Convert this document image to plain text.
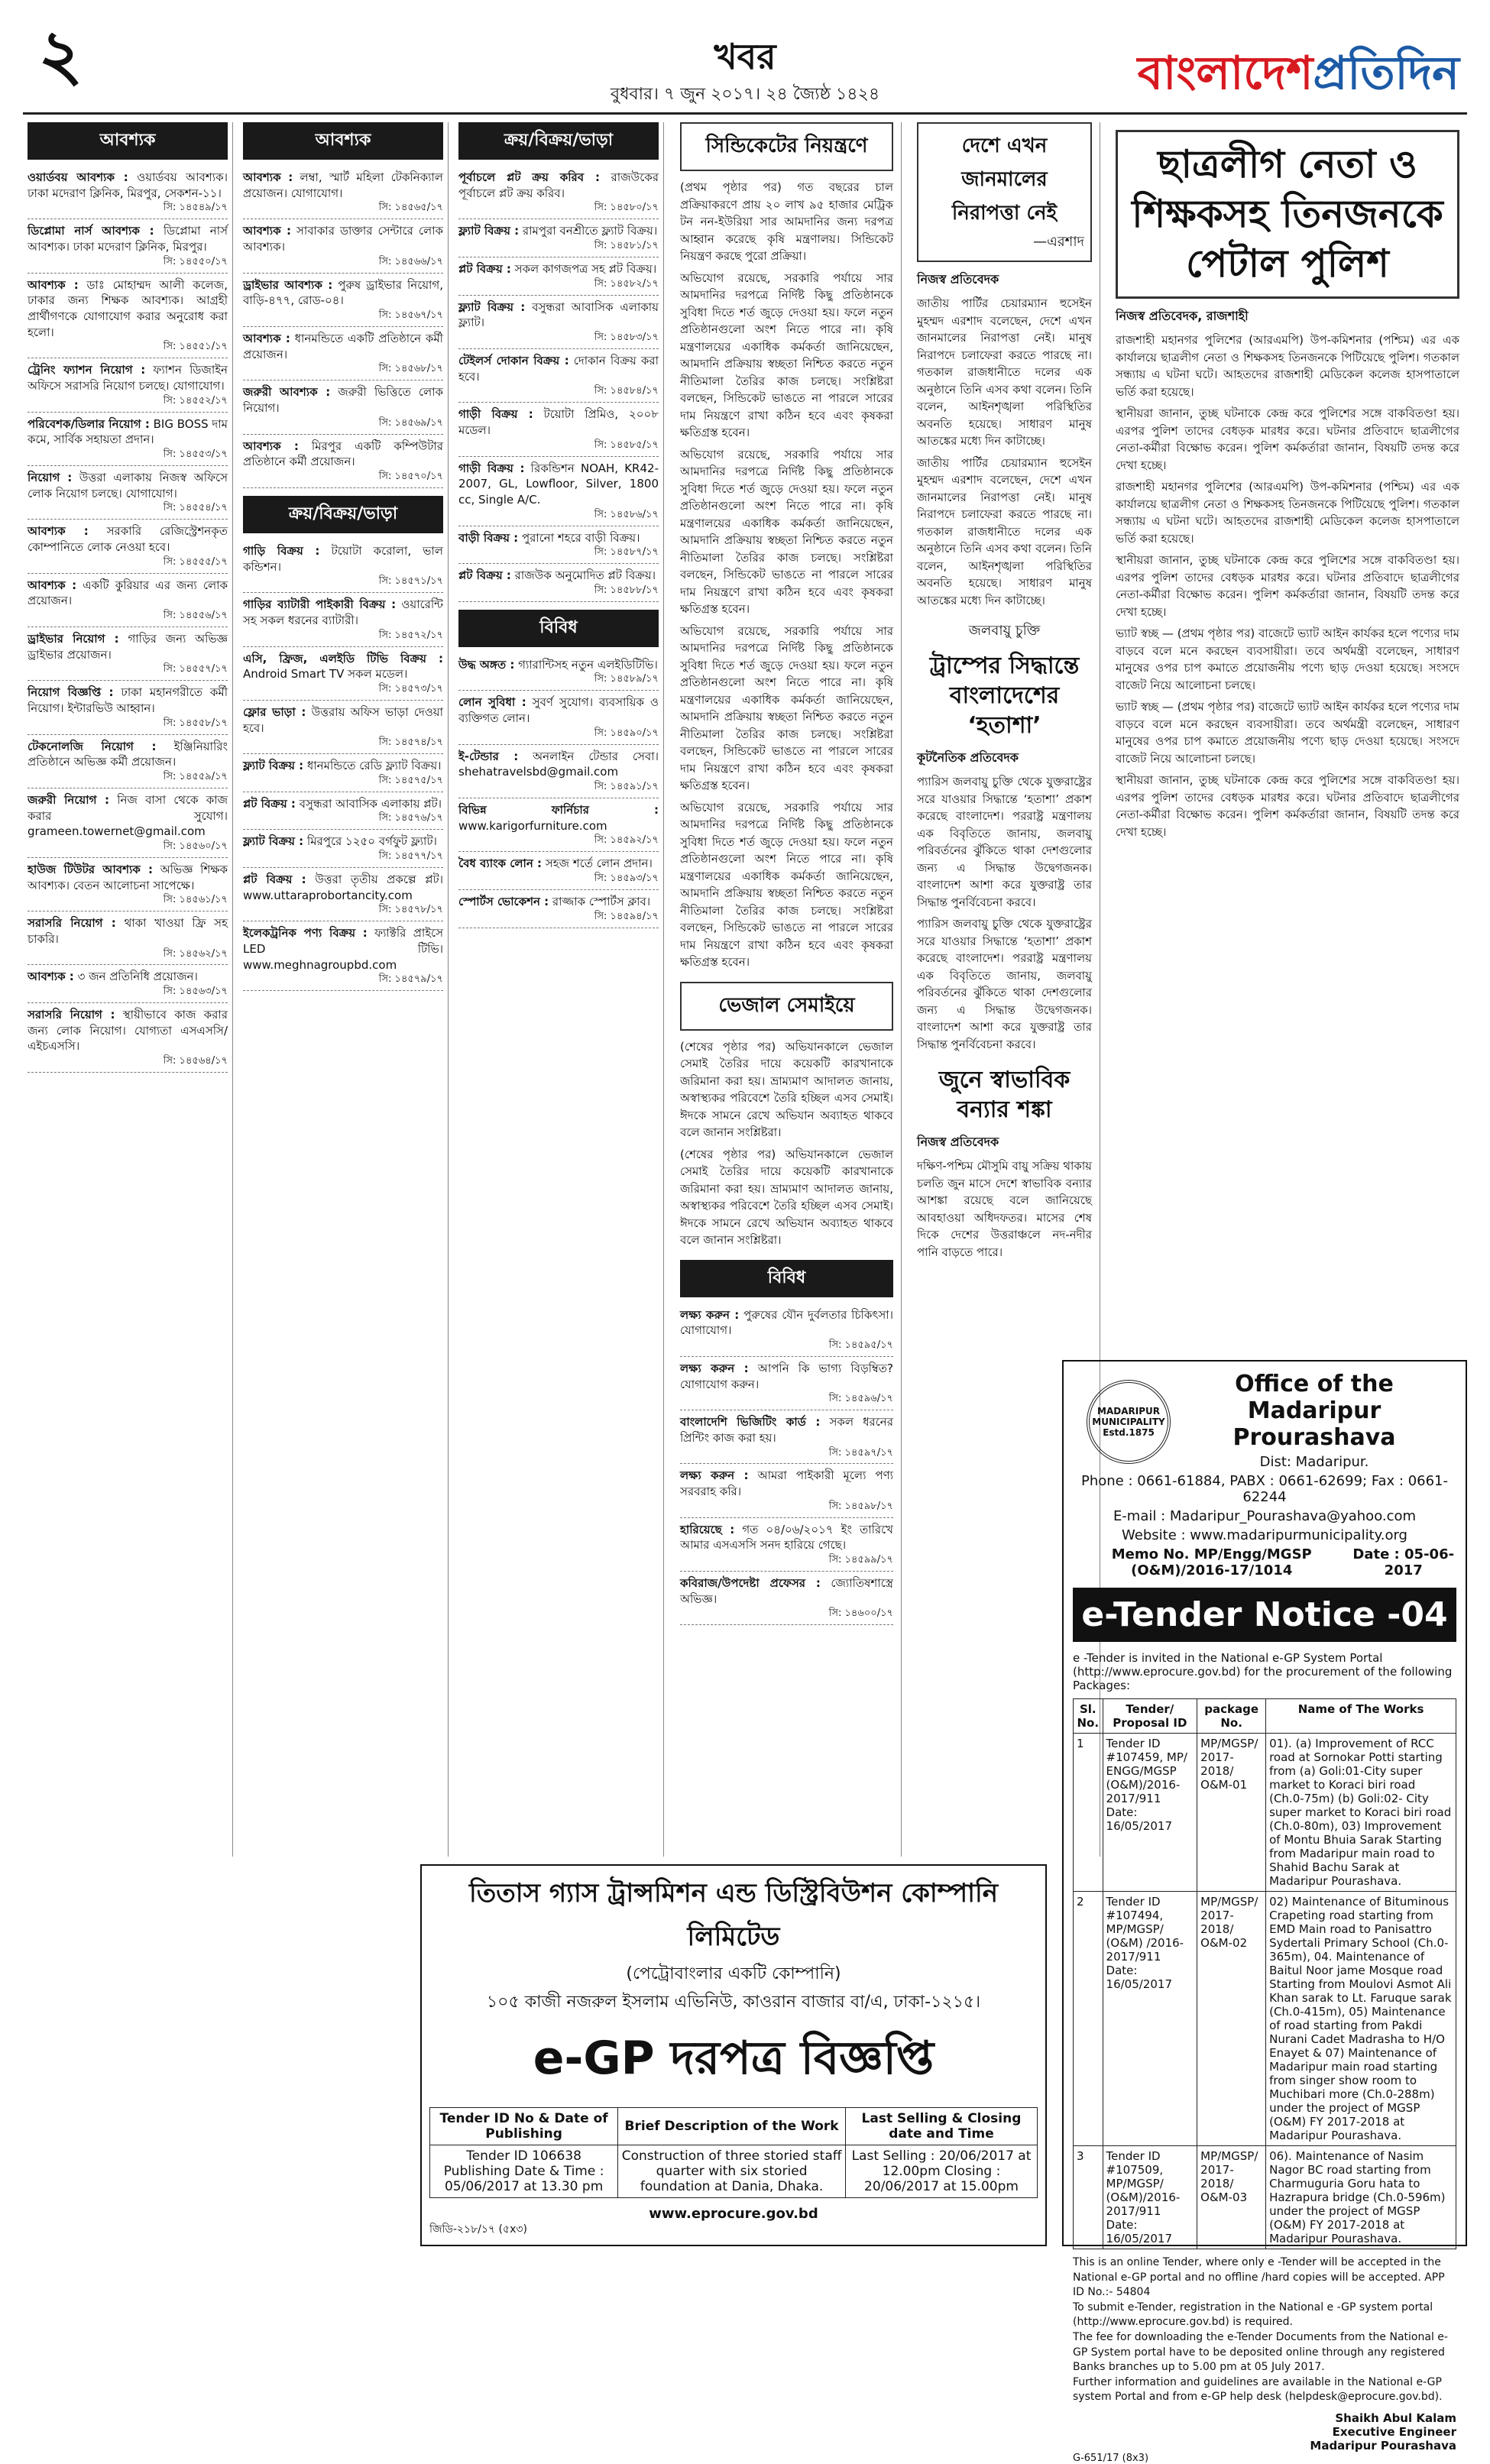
২	খবর
বুধবার। ৭ জুন ২০১৭। ২৪ জ্যৈষ্ঠ ১৪২৪	বাংলাদেশপ্রতিদিন
আবশ্যক
ওয়ার্ডবয় আবশ্যক : ওয়ার্ডবয় আবশ্যক। ঢাকা মদেরাণ ক্লিনিক, মিরপুর, সেকশন-১১।
সি: ১৪৫৪৯/১৭
ডিপ্লোমা নার্স আবশ্যক : ডিপ্লোমা নার্স আবশ্যক। ঢাকা মদেরাণ ক্লিনিক, মিরপুর।
সি: ১৪৫৫০/১৭
আবশ্যক : ডাঃ মোহাম্মদ আলী কলেজ, ঢাকার জন্য শিক্ষক আবশ্যক। আগ্রহী প্রার্থীগণকে যোগাযোগ করার অনুরোধ করা হলো।
সি: ১৪৫৫১/১৭
ট্রেনিং ফ্যাশন নিয়োগ : ফ্যাশন ডিজাইন অফিসে সরাসরি নিয়োগ চলছে। যোগাযোগ।
সি: ১৪৫৫২/১৭
পরিবেশক/ডিলার নিয়োগ : BIG BOSS দাম কমে, সার্বিক সহায়তা প্রদান।
সি: ১৪৫৫৩/১৭
নিয়োগ : উত্তরা এলাকায় নিজস্ব অফিসে লোক নিয়োগ চলছে। যোগাযোগ।
সি: ১৪৫৫৪/১৭
আবশ্যক : সরকারি রেজিস্ট্রেশনকৃত কোম্পানিতে লোক নেওয়া হবে।
সি: ১৪৫৫৫/১৭
আবশ্যক : একটি কুরিয়ার এর জন্য লোক প্রয়োজন।
সি: ১৪৫৫৬/১৭
ড্রাইভার নিয়োগ : গাড়ির জন্য অভিজ্ঞ ড্রাইভার প্রয়োজন।
সি: ১৪৫৫৭/১৭
নিয়োগ বিজ্ঞপ্তি : ঢাকা মহানগরীতে কর্মী নিয়োগ। ইন্টারভিউ আহ্বান।
সি: ১৪৫৫৮/১৭
টেকনোলজি নিয়োগ : ইঞ্জিনিয়ারিং প্রতিষ্ঠানে অভিজ্ঞ কর্মী প্রয়োজন।
সি: ১৪৫৫৯/১৭
জরুরী নিয়োগ : নিজ বাসা থেকে কাজ করার সুযোগ। grameen.towernet@gmail.com
সি: ১৪৫৬০/১৭
হাউজ টিউটর আবশ্যক : অভিজ্ঞ শিক্ষক আবশ্যক। বেতন আলোচনা সাপেক্ষে।
সি: ১৪৫৬১/১৭
সরাসরি নিয়োগ : থাকা খাওয়া ফ্রি সহ চাকরি।
সি: ১৪৫৬২/১৭
আবশ্যক : ৩ জন প্রতিনিধি প্রয়োজন।
সি: ১৪৫৬৩/১৭
সরাসরি নিয়োগ : স্থায়ীভাবে কাজ করার জন্য লোক নিয়োগ। যোগ্যতা এসএসসি/এইচএসসি।
সি: ১৪৫৬৪/১৭
আবশ্যক
আবশ্যক : লম্বা, স্মার্ট মহিলা টেকনিক্যাল প্রয়োজন। যোগাযোগ।
সি: ১৪৫৬৫/১৭
আবশ্যক : সাবাকার ডাক্তার সেন্টারে লোক আবশ্যক।
সি: ১৪৫৬৬/১৭
ড্রাইভার আবশ্যক : পুরুষ ড্রাইভার নিয়োগ, বাড়ি-৪৭৭, রোড-০৪।
সি: ১৪৫৬৭/১৭
আবশ্যক : ধানমন্ডিতে একটি প্রতিষ্ঠানে কর্মী প্রয়োজন।
সি: ১৪৫৬৮/১৭
জরুরী আবশ্যক : জরুরী ভিত্তিতে লোক নিয়োগ।
সি: ১৪৫৬৯/১৭
আবশ্যক : মিরপুর একটি কম্পিউটার প্রতিষ্ঠানে কর্মী প্রয়োজন।
সি: ১৪৫৭০/১৭
ক্রয়/বিক্রয়/ভাড়া
গাড়ি বিক্রয় : টয়োটা করোলা, ভাল কন্ডিশন।
সি: ১৪৫৭১/১৭
গাড়ির ব্যাটারী পাইকারী বিক্রয় : ওয়ারেন্টি সহ সকল ধরনের ব্যাটারী।
সি: ১৪৫৭২/১৭
এসি, ফ্রিজ, এলইডি টিভি বিক্রয় : Android Smart TV সকল মডেল।
সি: ১৪৫৭৩/১৭
ফ্লোর ভাড়া : উত্তরায় অফিস ভাড়া দেওয়া হবে।
সি: ১৪৫৭৪/১৭
ফ্ল্যাট বিক্রয় : ধানমন্ডিতে রেডি ফ্ল্যাট বিক্রয়।
সি: ১৪৫৭৫/১৭
প্লট বিক্রয় : বসুন্ধরা আবাসিক এলাকায় প্লট।
সি: ১৪৫৭৬/১৭
ফ্ল্যাট বিক্রয় : মিরপুরে ১২৫০ বর্গফুট ফ্ল্যাট।
সি: ১৪৫৭৭/১৭
প্লট বিক্রয় : উত্তরা তৃতীয় প্রকল্পে প্লট। www.uttaraprobortancity.com
সি: ১৪৫৭৮/১৭
ইলেকট্রনিক পণ্য বিক্রয় : ফ্যাক্টরি প্রাইসে LED টিভি। www.meghnagroupbd.com
সি: ১৪৫৭৯/১৭
ক্রয়/বিক্রয়/ভাড়া
পূর্বাচলে প্লট ক্রয় করিব : রাজউকের পূর্বাচলে প্লট ক্রয় করিব।
সি: ১৪৫৮০/১৭
ফ্ল্যাট বিক্রয় : রামপুরা বনশ্রীতে ফ্ল্যাট বিক্রয়।
সি: ১৪৫৮১/১৭
প্লট বিক্রয় : সকল কাগজপত্র সহ প্লট বিক্রয়।
সি: ১৪৫৮২/১৭
ফ্ল্যাট বিক্রয় : বসুন্ধরা আবাসিক এলাকায় ফ্ল্যাট।
সি: ১৪৫৮৩/১৭
টেইলর্স দোকান বিক্রয় : দোকান বিক্রয় করা হবে।
সি: ১৪৫৮৪/১৭
গাড়ী বিক্রয় : টয়োটা প্রিমিও, ২০০৮ মডেল।
সি: ১৪৫৮৫/১৭
গাড়ী বিক্রয় : রিকন্ডিশন NOAH, KR42-2007, GL, Lowfloor, Silver, 1800 cc, Single A/C.
সি: ১৪৫৮৬/১৭
বাড়ী বিক্রয় : পুরানো শহরে বাড়ী বিক্রয়।
সি: ১৪৫৮৭/১৭
প্লট বিক্রয় : রাজউক অনুমোদিত প্লট বিক্রয়।
সি: ১৪৫৮৮/১৭
বিবিধ
উদ্ধ অঙ্গত : গ্যারান্টিসহ নতুন এলইডিটিভি।
সি: ১৪৫৮৯/১৭
লোন সুবিধা : সুবর্ণ সুযোগ। ব্যবসায়িক ও ব্যক্তিগত লোন।
সি: ১৪৫৯০/১৭
ই-টেন্ডার : অনলাইন টেন্ডার সেবা। shehatravelsbd@gmail.com
সি: ১৪৫৯১/১৭
বিভিন্ন ফার্নিচার : www.karigorfurniture.com
সি: ১৪৫৯২/১৭
বৈধ ব্যাংক লোন : সহজ শর্তে লোন প্রদান।
সি: ১৪৫৯৩/১৭
স্পোর্টস ভোকেশন : রাজ্জাক স্পোর্টস ক্লাব।
সি: ১৪৫৯৪/১৭
সিন্ডিকেটের নিয়ন্ত্রণে

(প্রথম পৃষ্ঠার পর) গত বছরের চাল প্রক্রিয়াকরণে প্রায় ২০ লাখ ৯৫ হাজার মেট্রিক টন নন-ইউরিয়া সার আমদানির জন্য দরপত্র আহ্বান করেছে কৃষি মন্ত্রণালয়। সিন্ডিকেট নিয়ন্ত্রণ করছে পুরো প্রক্রিয়া।

অভিযোগ রয়েছে, সরকারি পর্যায়ে সার আমদানির দরপত্রে নির্দিষ্ট কিছু প্রতিষ্ঠানকে সুবিধা দিতে শর্ত জুড়ে দেওয়া হয়। ফলে নতুন প্রতিষ্ঠানগুলো অংশ নিতে পারে না। কৃষি মন্ত্রণালয়ের একাধিক কর্মকর্তা জানিয়েছেন, আমদানি প্রক্রিয়ায় স্বচ্ছতা নিশ্চিত করতে নতুন নীতিমালা তৈরির কাজ চলছে। সংশ্লিষ্টরা বলছেন, সিন্ডিকেট ভাঙতে না পারলে সারের দাম নিয়ন্ত্রণে রাখা কঠিন হবে এবং কৃষকরা ক্ষতিগ্রস্ত হবেন।

অভিযোগ রয়েছে, সরকারি পর্যায়ে সার আমদানির দরপত্রে নির্দিষ্ট কিছু প্রতিষ্ঠানকে সুবিধা দিতে শর্ত জুড়ে দেওয়া হয়। ফলে নতুন প্রতিষ্ঠানগুলো অংশ নিতে পারে না। কৃষি মন্ত্রণালয়ের একাধিক কর্মকর্তা জানিয়েছেন, আমদানি প্রক্রিয়ায় স্বচ্ছতা নিশ্চিত করতে নতুন নীতিমালা তৈরির কাজ চলছে। সংশ্লিষ্টরা বলছেন, সিন্ডিকেট ভাঙতে না পারলে সারের দাম নিয়ন্ত্রণে রাখা কঠিন হবে এবং কৃষকরা ক্ষতিগ্রস্ত হবেন।

অভিযোগ রয়েছে, সরকারি পর্যায়ে সার আমদানির দরপত্রে নির্দিষ্ট কিছু প্রতিষ্ঠানকে সুবিধা দিতে শর্ত জুড়ে দেওয়া হয়। ফলে নতুন প্রতিষ্ঠানগুলো অংশ নিতে পারে না। কৃষি মন্ত্রণালয়ের একাধিক কর্মকর্তা জানিয়েছেন, আমদানি প্রক্রিয়ায় স্বচ্ছতা নিশ্চিত করতে নতুন নীতিমালা তৈরির কাজ চলছে। সংশ্লিষ্টরা বলছেন, সিন্ডিকেট ভাঙতে না পারলে সারের দাম নিয়ন্ত্রণে রাখা কঠিন হবে এবং কৃষকরা ক্ষতিগ্রস্ত হবেন।

অভিযোগ রয়েছে, সরকারি পর্যায়ে সার আমদানির দরপত্রে নির্দিষ্ট কিছু প্রতিষ্ঠানকে সুবিধা দিতে শর্ত জুড়ে দেওয়া হয়। ফলে নতুন প্রতিষ্ঠানগুলো অংশ নিতে পারে না। কৃষি মন্ত্রণালয়ের একাধিক কর্মকর্তা জানিয়েছেন, আমদানি প্রক্রিয়ায় স্বচ্ছতা নিশ্চিত করতে নতুন নীতিমালা তৈরির কাজ চলছে। সংশ্লিষ্টরা বলছেন, সিন্ডিকেট ভাঙতে না পারলে সারের দাম নিয়ন্ত্রণে রাখা কঠিন হবে এবং কৃষকরা ক্ষতিগ্রস্ত হবেন।

ভেজাল সেমাইয়ে

(শেষের পৃষ্ঠার পর) অভিযানকালে ভেজাল সেমাই তৈরির দায়ে কয়েকটি কারখানাকে জরিমানা করা হয়। ভ্রাম্যমাণ আদালত জানায়, অস্বাস্থ্যকর পরিবেশে তৈরি হচ্ছিল এসব সেমাই। ঈদকে সামনে রেখে অভিযান অব্যাহত থাকবে বলে জানান সংশ্লিষ্টরা।

(শেষের পৃষ্ঠার পর) অভিযানকালে ভেজাল সেমাই তৈরির দায়ে কয়েকটি কারখানাকে জরিমানা করা হয়। ভ্রাম্যমাণ আদালত জানায়, অস্বাস্থ্যকর পরিবেশে তৈরি হচ্ছিল এসব সেমাই। ঈদকে সামনে রেখে অভিযান অব্যাহত থাকবে বলে জানান সংশ্লিষ্টরা।

বিবিধ
লক্ষ্য করুন : পুরুষের যৌন দুর্বলতার চিকিৎসা। যোগাযোগ।
সি: ১৪৫৯৫/১৭
লক্ষ্য করুন : আপনি কি ভাগ্য বিড়ম্বিত? যোগাযোগ করুন।
সি: ১৪৫৯৬/১৭
বাংলাদেশি ভিজিটিং কার্ড : সকল ধরনের প্রিন্টিং কাজ করা হয়।
সি: ১৪৫৯৭/১৭
লক্ষ্য করুন : আমরা পাইকারী মূল্যে পণ্য সরবরাহ করি।
সি: ১৪৫৯৮/১৭
হারিয়েছে : গত ০৪/০৬/২০১৭ ইং তারিখে আমার এসএসসি সনদ হারিয়ে গেছে।
সি: ১৪৫৯৯/১৭
কবিরাজ/উপদেষ্টা প্রফেসর : জ্যোতিষশাস্ত্রে অভিজ্ঞ।
সি: ১৪৬০০/১৭
দেশে এখন জানমালের নিরাপত্তা নেই
—এরশাদ
নিজস্ব প্রতিবেদক

জাতীয় পার্টির চেয়ারম্যান হুসেইন মুহম্মদ এরশাদ বলেছেন, দেশে এখন জানমালের নিরাপত্তা নেই। মানুষ নিরাপদে চলাফেরা করতে পারছে না। গতকাল রাজধানীতে দলের এক অনুষ্ঠানে তিনি এসব কথা বলেন। তিনি বলেন, আইনশৃঙ্খলা পরিস্থিতির অবনতি হয়েছে। সাধারণ মানুষ আতঙ্কের মধ্যে দিন কাটাচ্ছে।

জাতীয় পার্টির চেয়ারম্যান হুসেইন মুহম্মদ এরশাদ বলেছেন, দেশে এখন জানমালের নিরাপত্তা নেই। মানুষ নিরাপদে চলাফেরা করতে পারছে না। গতকাল রাজধানীতে দলের এক অনুষ্ঠানে তিনি এসব কথা বলেন। তিনি বলেন, আইনশৃঙ্খলা পরিস্থিতির অবনতি হয়েছে। সাধারণ মানুষ আতঙ্কের মধ্যে দিন কাটাচ্ছে।

জলবায়ু চুক্তি
ট্রাম্পের সিদ্ধান্তে বাংলাদেশের ‘হতাশা’
কূটনৈতিক প্রতিবেদক

প্যারিস জলবায়ু চুক্তি থেকে যুক্তরাষ্ট্রের সরে যাওয়ার সিদ্ধান্তে ‘হতাশা’ প্রকাশ করেছে বাংলাদেশ। পররাষ্ট্র মন্ত্রণালয় এক বিবৃতিতে জানায়, জলবায়ু পরিবর্তনের ঝুঁকিতে থাকা দেশগুলোর জন্য এ সিদ্ধান্ত উদ্বেগজনক। বাংলাদেশ আশা করে যুক্তরাষ্ট্র তার সিদ্ধান্ত পুনর্বিবেচনা করবে।

প্যারিস জলবায়ু চুক্তি থেকে যুক্তরাষ্ট্রের সরে যাওয়ার সিদ্ধান্তে ‘হতাশা’ প্রকাশ করেছে বাংলাদেশ। পররাষ্ট্র মন্ত্রণালয় এক বিবৃতিতে জানায়, জলবায়ু পরিবর্তনের ঝুঁকিতে থাকা দেশগুলোর জন্য এ সিদ্ধান্ত উদ্বেগজনক। বাংলাদেশ আশা করে যুক্তরাষ্ট্র তার সিদ্ধান্ত পুনর্বিবেচনা করবে।

জুনে স্বাভাবিক বন্যার শঙ্কা
নিজস্ব প্রতিবেদক

দক্ষিণ-পশ্চিম মৌসুমি বায়ু সক্রিয় থাকায় চলতি জুন মাসে দেশে স্বাভাবিক বন্যার আশঙ্কা রয়েছে বলে জানিয়েছে আবহাওয়া অধিদফতর। মাসের শেষ দিকে দেশের উত্তরাঞ্চলে নদ-নদীর পানি বাড়তে পারে।

ছাত্রলীগ নেতা ও শিক্ষকসহ তিনজনকে পেটাল পুলিশ
নিজস্ব প্রতিবেদক, রাজশাহী

রাজশাহী মহানগর পুলিশের (আরএমপি) উপ-কমিশনার (পশ্চিম) এর এক কার্যালয়ে ছাত্রলীগ নেতা ও শিক্ষকসহ তিনজনকে পিটিয়েছে পুলিশ। গতকাল সন্ধ্যায় এ ঘটনা ঘটে। আহতদের রাজশাহী মেডিকেল কলেজ হাসপাতালে ভর্তি করা হয়েছে।

স্থানীয়রা জানান, তুচ্ছ ঘটনাকে কেন্দ্র করে পুলিশের সঙ্গে বাকবিতণ্ডা হয়। এরপর পুলিশ তাদের বেধড়ক মারধর করে। ঘটনার প্রতিবাদে ছাত্রলীগের নেতা-কর্মীরা বিক্ষোভ করেন। পুলিশ কর্মকর্তারা জানান, বিষয়টি তদন্ত করে দেখা হচ্ছে।

রাজশাহী মহানগর পুলিশের (আরএমপি) উপ-কমিশনার (পশ্চিম) এর এক কার্যালয়ে ছাত্রলীগ নেতা ও শিক্ষকসহ তিনজনকে পিটিয়েছে পুলিশ। গতকাল সন্ধ্যায় এ ঘটনা ঘটে। আহতদের রাজশাহী মেডিকেল কলেজ হাসপাতালে ভর্তি করা হয়েছে।

স্থানীয়রা জানান, তুচ্ছ ঘটনাকে কেন্দ্র করে পুলিশের সঙ্গে বাকবিতণ্ডা হয়। এরপর পুলিশ তাদের বেধড়ক মারধর করে। ঘটনার প্রতিবাদে ছাত্রলীগের নেতা-কর্মীরা বিক্ষোভ করেন। পুলিশ কর্মকর্তারা জানান, বিষয়টি তদন্ত করে দেখা হচ্ছে।

ভ্যাট স্বচ্ছ — (প্রথম পৃষ্ঠার পর) বাজেটে ভ্যাট আইন কার্যকর হলে পণ্যের দাম বাড়বে বলে মনে করছেন ব্যবসায়ীরা। তবে অর্থমন্ত্রী বলেছেন, সাধারণ মানুষের ওপর চাপ কমাতে প্রয়োজনীয় পণ্যে ছাড় দেওয়া হয়েছে। সংসদে বাজেট নিয়ে আলোচনা চলছে।

ভ্যাট স্বচ্ছ — (প্রথম পৃষ্ঠার পর) বাজেটে ভ্যাট আইন কার্যকর হলে পণ্যের দাম বাড়বে বলে মনে করছেন ব্যবসায়ীরা। তবে অর্থমন্ত্রী বলেছেন, সাধারণ মানুষের ওপর চাপ কমাতে প্রয়োজনীয় পণ্যে ছাড় দেওয়া হয়েছে। সংসদে বাজেট নিয়ে আলোচনা চলছে।

স্থানীয়রা জানান, তুচ্ছ ঘটনাকে কেন্দ্র করে পুলিশের সঙ্গে বাকবিতণ্ডা হয়। এরপর পুলিশ তাদের বেধড়ক মারধর করে। ঘটনার প্রতিবাদে ছাত্রলীগের নেতা-কর্মীরা বিক্ষোভ করেন। পুলিশ কর্মকর্তারা জানান, বিষয়টি তদন্ত করে দেখা হচ্ছে।

তিতাস গ্যাস ট্রান্সমিশন এন্ড ডিস্ট্রিবিউশন কোম্পানি লিমিটেড
(পেট্রোবাংলার একটি কোম্পানি)
১০৫ কাজী নজরুল ইসলাম এভিনিউ, কাওরান বাজার বা/এ, ঢাকা-১২১৫।
e-GP দরপত্র বিজ্ঞপ্তি
Tender ID No & Date of Publishing	Brief Description of the Work	Last Selling & Closing date and Time
Tender ID 106638 Publishing Date & Time : 05/06/2017 at 13.30 pm	Construction of three storied staff quarter with six storied foundation at Dania, Dhaka.	Last Selling : 20/06/2017 at 12.00pm Closing : 20/06/2017 at 15.00pm
www.eprocure.gov.bd
জিডি-২১৮/১৭ (৫x৩)
MADARIPUR MUNICIPALITY Estd.1875
Office of the Madaripur Prourashava
Dist: Madaripur.
Phone : 0661-61884, PABX : 0661-62699; Fax : 0661-62244
E-mail : Madaripur_Pourashava@yahoo.com
Website : www.madaripurmunicipality.org
Memo No. MP/Engg/MGSP (O&M)/2016-17/1014
Date : 05-06-2017
e-Tender Notice -04
e -Tender is invited in the National e-GP System Portal (http://www.eprocure.gov.bd) for the procurement of the following Packages:
Sl. No.	Tender/ Proposal ID	package No.	Name of The Works
1	Tender ID #107459, MP/ ENGG/MGSP (O&M)/2016-2017/911 Date: 16/05/2017	MP/MGSP/ 2017-2018/ O&M-01	01). (a) Improvement of RCC road at Sornokar Potti starting from (a) Goli:01-City super market to Koraci biri road (Ch.0-75m) (b) Goli:02- City super market to Koraci biri road (Ch.0-80m), 03) Improvement of Montu Bhuia Sarak Starting from Madaripur main road to Shahid Bachu Sarak at Madaripur Pourashava.
2	Tender ID #107494, MP/MGSP/ (O&M) /2016-2017/911 Date: 16/05/2017	MP/MGSP/ 2017-2018/ O&M-02	02) Maintenance of Bituminous Crapeting road starting from EMD Main road to Panisattro Sydertali Primary School (Ch.0-365m), 04. Maintenance of Baitul Noor jame Mosque road Starting from Moulovi Asmot Ali Khan sarak to Lt. Faruque sarak (Ch.0-415m), 05) Maintenance of road starting from Pakdi Nurani Cadet Madrasha to H/O Enayet & 07) Maintenance of Madaripur main road starting from singer show room to Muchibari more (Ch.0-288m) under the project of MGSP (O&M) FY 2017-2018 at Madaripur Pourashava.
3	Tender ID #107509, MP/MGSP/ (O&M)/2016-2017/911 Date: 16/05/2017	MP/MGSP/ 2017-2018/ O&M-03	06). Maintenance of Nasim Nagor BC road starting from Charmuguria Goru hata to Hazrapura bridge (Ch.0-596m) under the project of MGSP (O&M) FY 2017-2018 at Madaripur Pourashava.

This is an online Tender, where only e -Tender will be accepted in the National e-GP portal and no offline /hard copies will be accepted. APP ID No.:- 54804

To submit e-Tender, registration in the National e -GP system portal (http://www.eprocure.gov.bd) is required.

The fee for downloading the e-Tender Documents from the National e-GP System portal have to be deposited online through any registered Banks branches up to 5.00 pm at 05 July 2017.

Further information and guidelines are available in the National e-GP system Portal and from e-GP help desk (helpdesk@eprocure.gov.bd).

Shaikh Abul Kalam
Executive Engineer
Madaripur Pourashava
G-651/17 (8x3)
